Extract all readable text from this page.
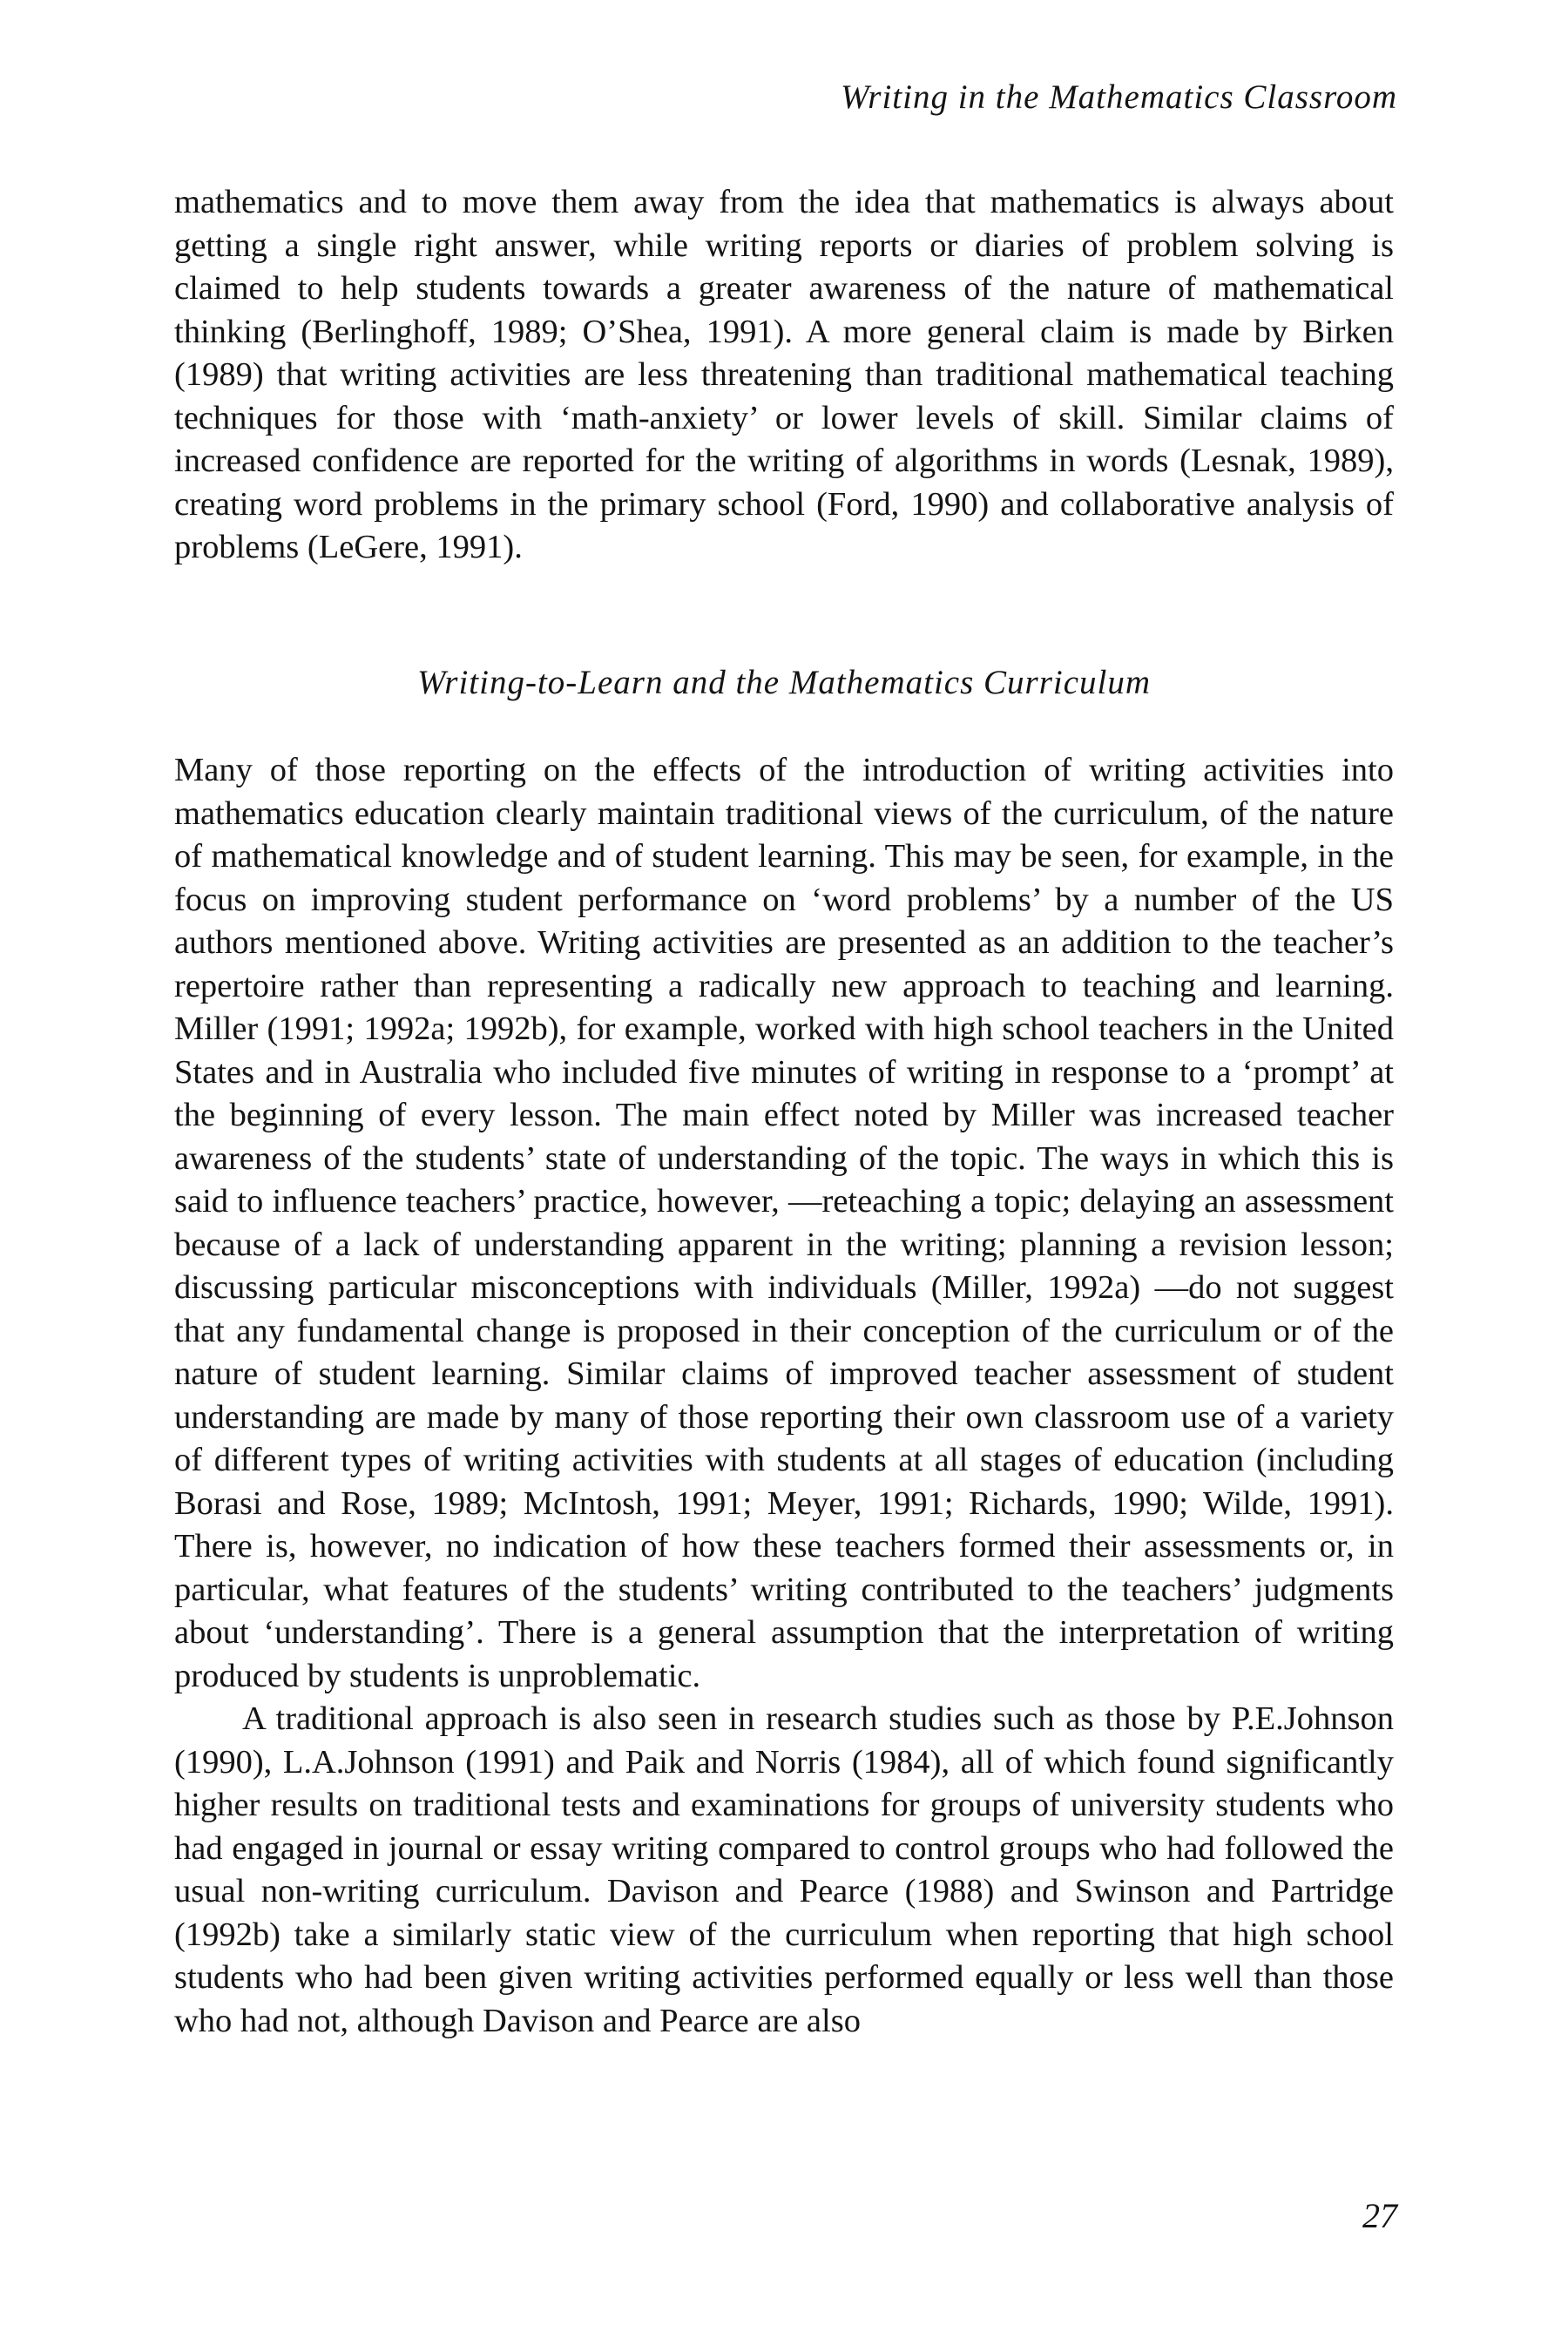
Writing in the Mathematics Classroom

mathematics and to move them away from the idea that mathematics is always about getting a single right answer, while writing reports or diaries of problem solving is claimed to help students towards a greater awareness of the nature of mathematical thinking (Berlinghoff, 1989; O’Shea, 1991). A more general claim is made by Birken (1989) that writing activities are less threatening than traditional mathematical teaching techniques for those with ‘math-anxiety’ or lower levels of skill. Similar claims of increased confidence are reported for the writing of algorithms in words (Lesnak, 1989), creating word problems in the primary school (Ford, 1990) and collaborative analysis of problems (LeGere, 1991).

Writing-to-Learn and the Mathematics Curriculum

Many of those reporting on the effects of the introduction of writing activities into mathematics education clearly maintain traditional views of the curriculum, of the nature of mathematical knowledge and of student learning. This may be seen, for example, in the focus on improving student performance on ‘word problems’ by a number of the US authors mentioned above. Writing activities are presented as an addition to the teacher’s repertoire rather than representing a radically new approach to teaching and learning. Miller (1991; 1992a; 1992b), for example, worked with high school teachers in the United States and in Australia who included five minutes of writing in response to a ‘prompt’ at the beginning of every lesson. The main effect noted by Miller was increased teacher awareness of the students’ state of understanding of the topic. The ways in which this is said to influence teachers’ practice, however, —reteaching a topic; delaying an assessment because of a lack of understanding apparent in the writing; planning a revision lesson; discussing particular misconceptions with individuals (Miller, 1992a) —do not suggest that any fundamental change is proposed in their conception of the curriculum or of the nature of student learning. Similar claims of improved teacher assessment of student understanding are made by many of those reporting their own classroom use of a variety of different types of writing activities with students at all stages of education (including Borasi and Rose, 1989; McIntosh, 1991; Meyer, 1991; Richards, 1990; Wilde, 1991). There is, however, no indication of how these teachers formed their assessments or, in particular, what features of the students’ writing contributed to the teachers’ judgments about ‘understanding’. There is a general assumption that the interpretation of writing produced by students is unproblematic.

A traditional approach is also seen in research studies such as those by P.E.Johnson (1990), L.A.Johnson (1991) and Paik and Norris (1984), all of which found significantly higher results on traditional tests and examinations for groups of university students who had engaged in journal or essay writing compared to control groups who had followed the usual non-writing curriculum. Davison and Pearce (1988) and Swinson and Partridge (1992b) take a similarly static view of the curriculum when reporting that high school students who had been given writing activities performed equally or less well than those who had not, although Davison and Pearce are also

27
